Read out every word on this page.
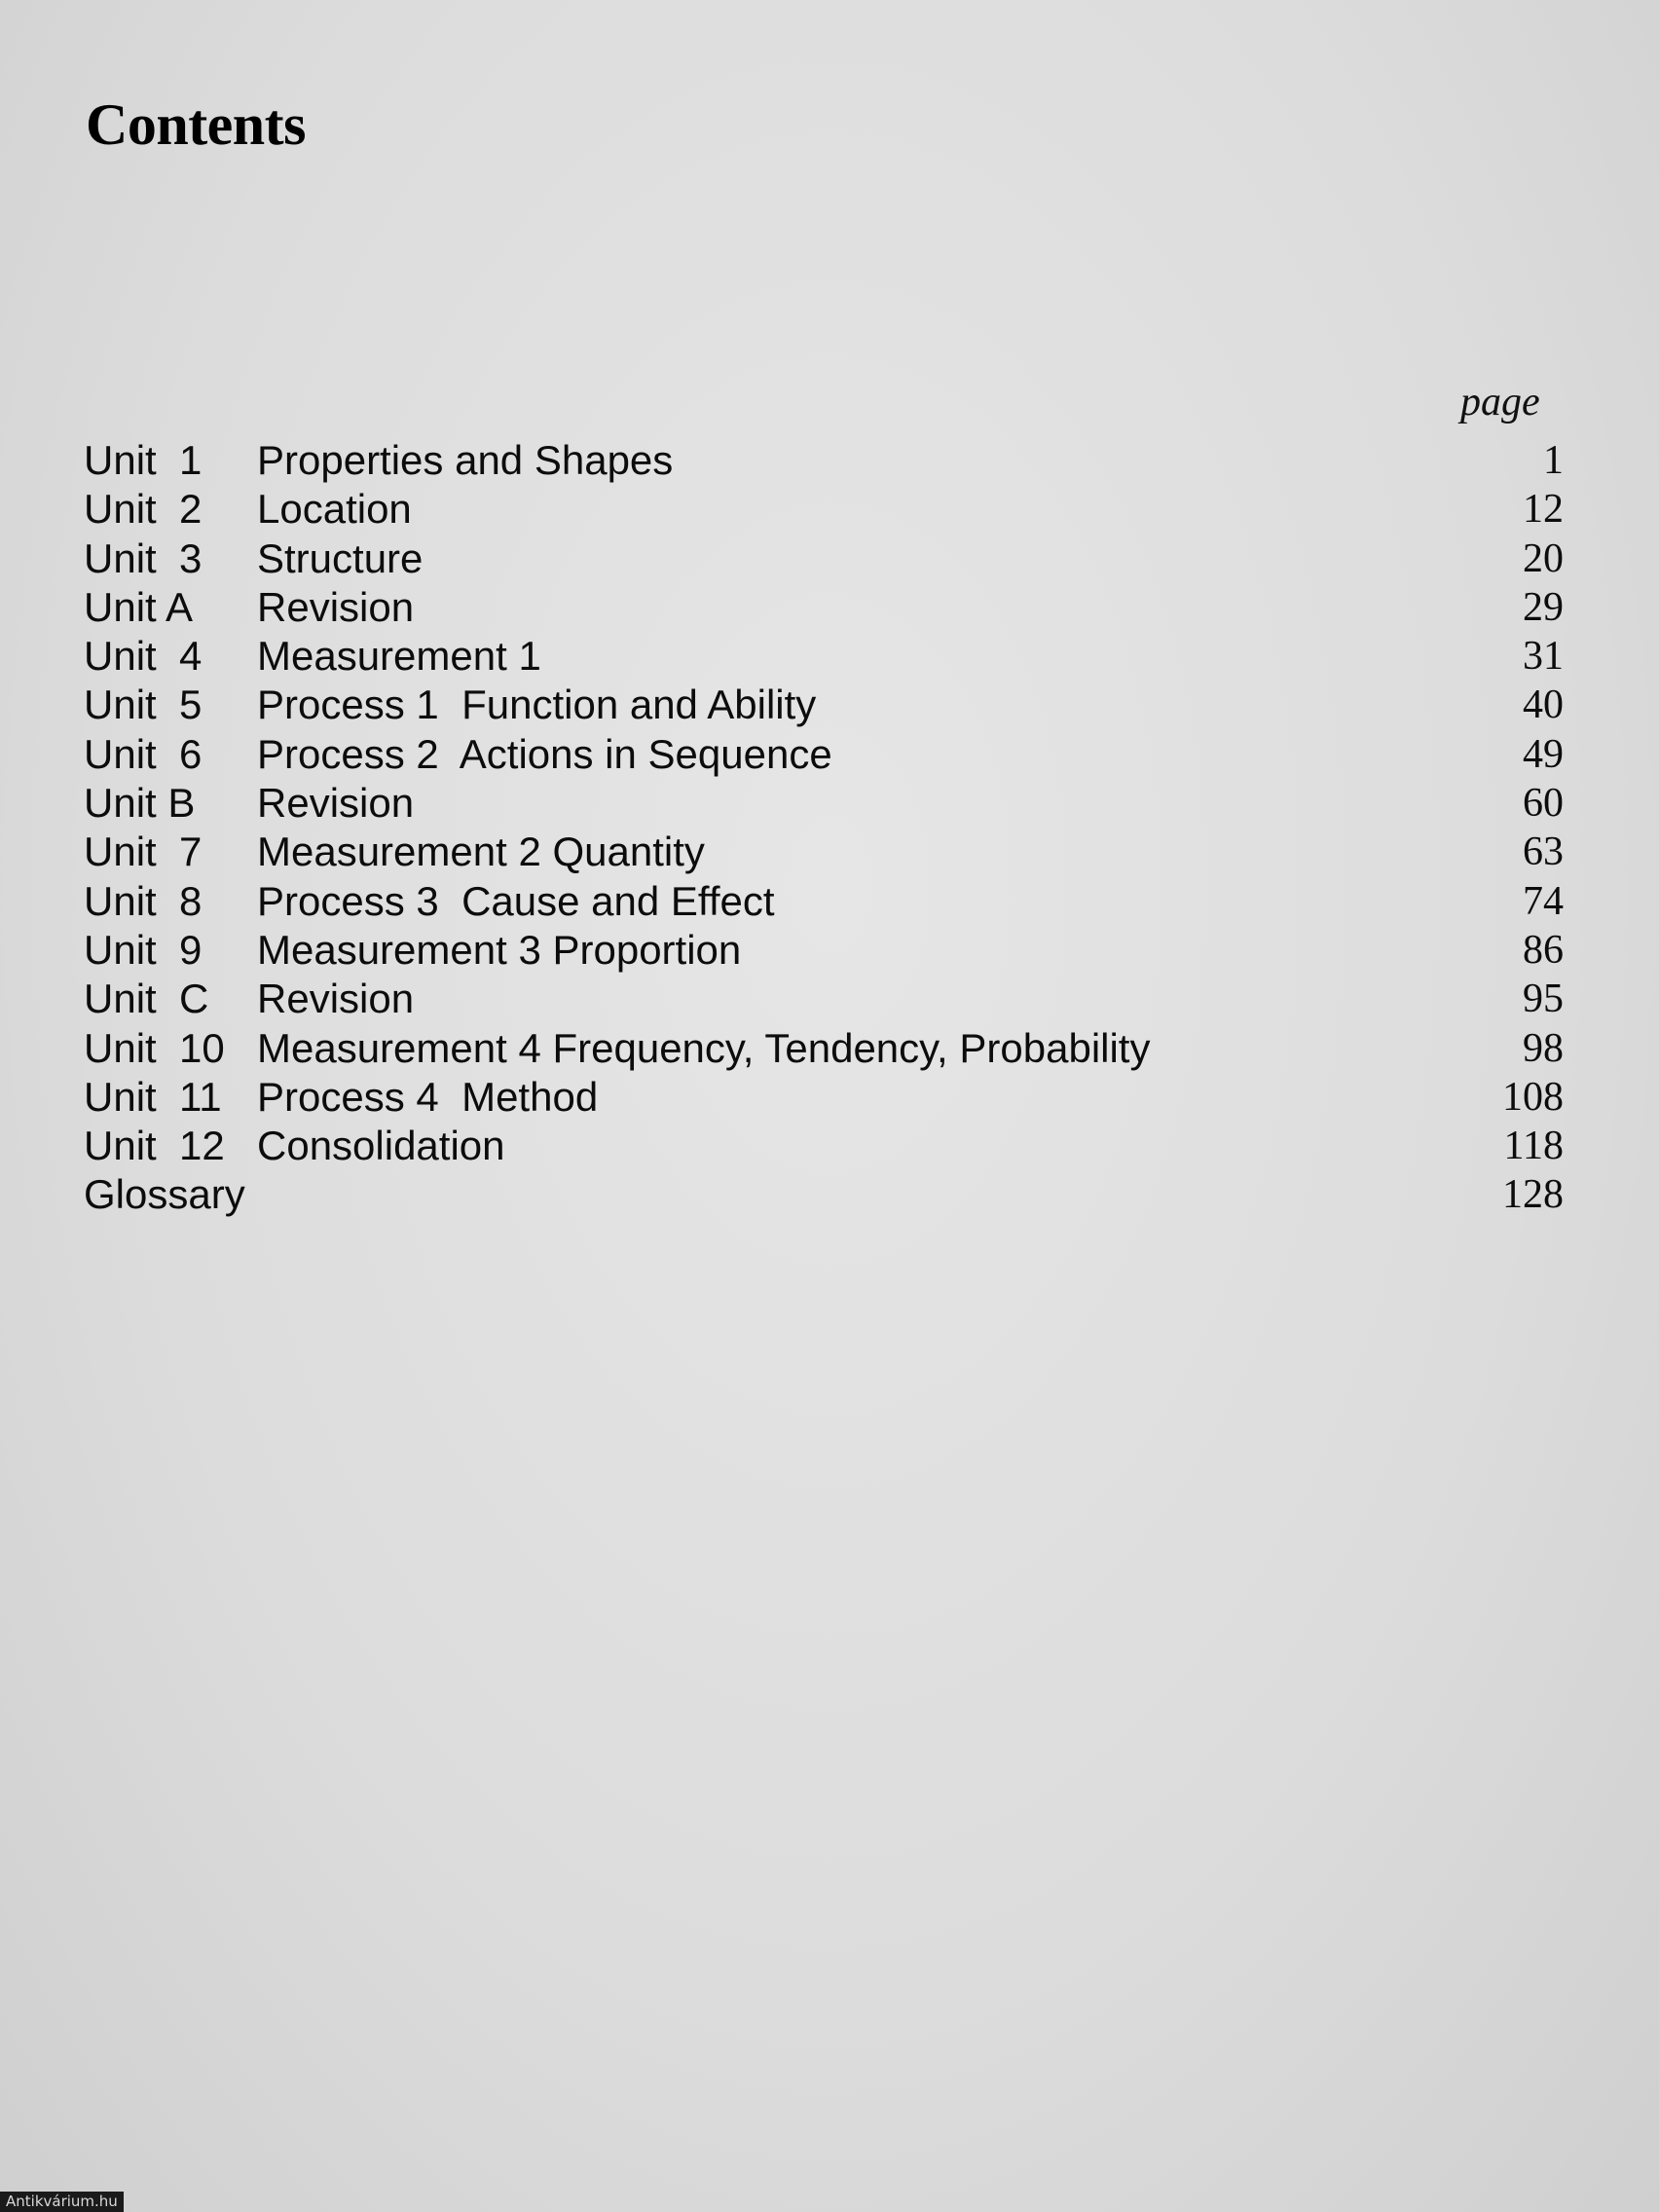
Contents
page
Unit  1 Properties and Shapes	1
Unit  2 Location	12
Unit  3 Structure	20
Unit A Revision	29
Unit  4 Measurement 1	31
Unit  5 Process 1  Function and Ability	40
Unit  6 Process 2  Actions in Sequence	49
Unit B Revision	60
Unit  7 Measurement 2 Quantity	63
Unit  8 Process 3  Cause and Effect	74
Unit  9 Measurement 3 Proportion	86
Unit  C Revision	95
Unit  10 Measurement 4 Frequency, Tendency, Probability	98
Unit  11 Process 4  Method	108
Unit  12 Consolidation	118
Glossary	128
Antikvárium.hu
